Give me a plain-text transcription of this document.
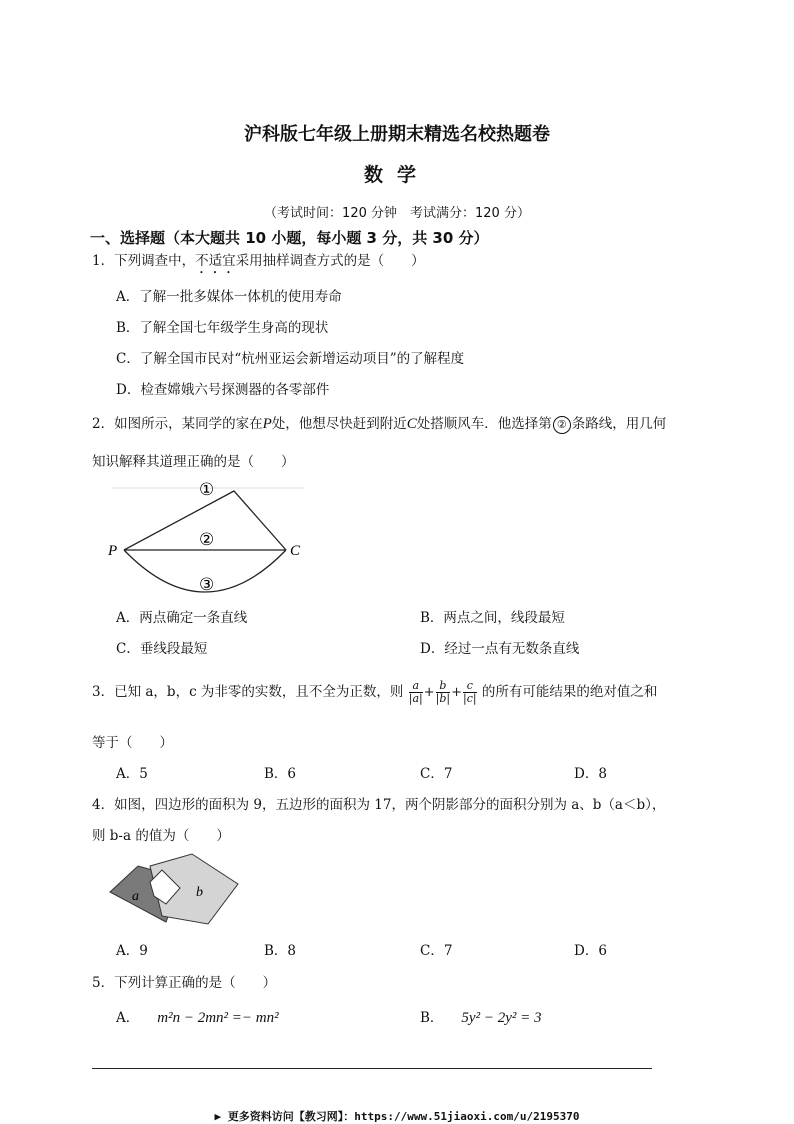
沪科版七年级上册期末精选名校热题卷
数学
（考试时间：120 分钟　考试满分：120 分）
一、选择题（本大题共 10 小题，每小题 3 分，共 30 分）
1．下列调查中，不适宜采用抽样调查方式的是（　　）
A．了解一批多媒体一体机的使用寿命
B．了解全国七年级学生身高的现状
C．了解全国市民对“杭州亚运会新增运动项目”的了解程度
D．检查嫦娥六号探测器的各零部件
2．如图所示，某同学的家在P处，他想尽快赶到附近C处搭顺风车．他选择第 ② 条路线，用几何
知识解释其道理正确的是（　　）
P	C
①
②
③
A．两点确定一条直线	B．两点之间，线段最短
C．垂线段最短	D．经过一点有无数条直线
3．已知 a，b，c 为非零的实数，且不全为正数，则 $\frac{a}{|a|} + \frac{b}{|b|} + \frac{c}{|c|}$ 的所有可能结果的绝对值之和
等于（　　）
A．5	B．6	C．7	D．8
4．如图，四边形的面积为 9，五边形的面积为 17，两个阴影部分的面积分别为 a、b（a＜b），
则 b-a 的值为（　　）
a	b
A．9	B．8	C．7	D．6
5．下列计算正确的是（　　）
A． m²n − 2mn² =− mn²	B． 5y² − 2y² = 3
▶ 更多资料访问【教习网】：https://www.51jiaoxi.com/u/2195370
